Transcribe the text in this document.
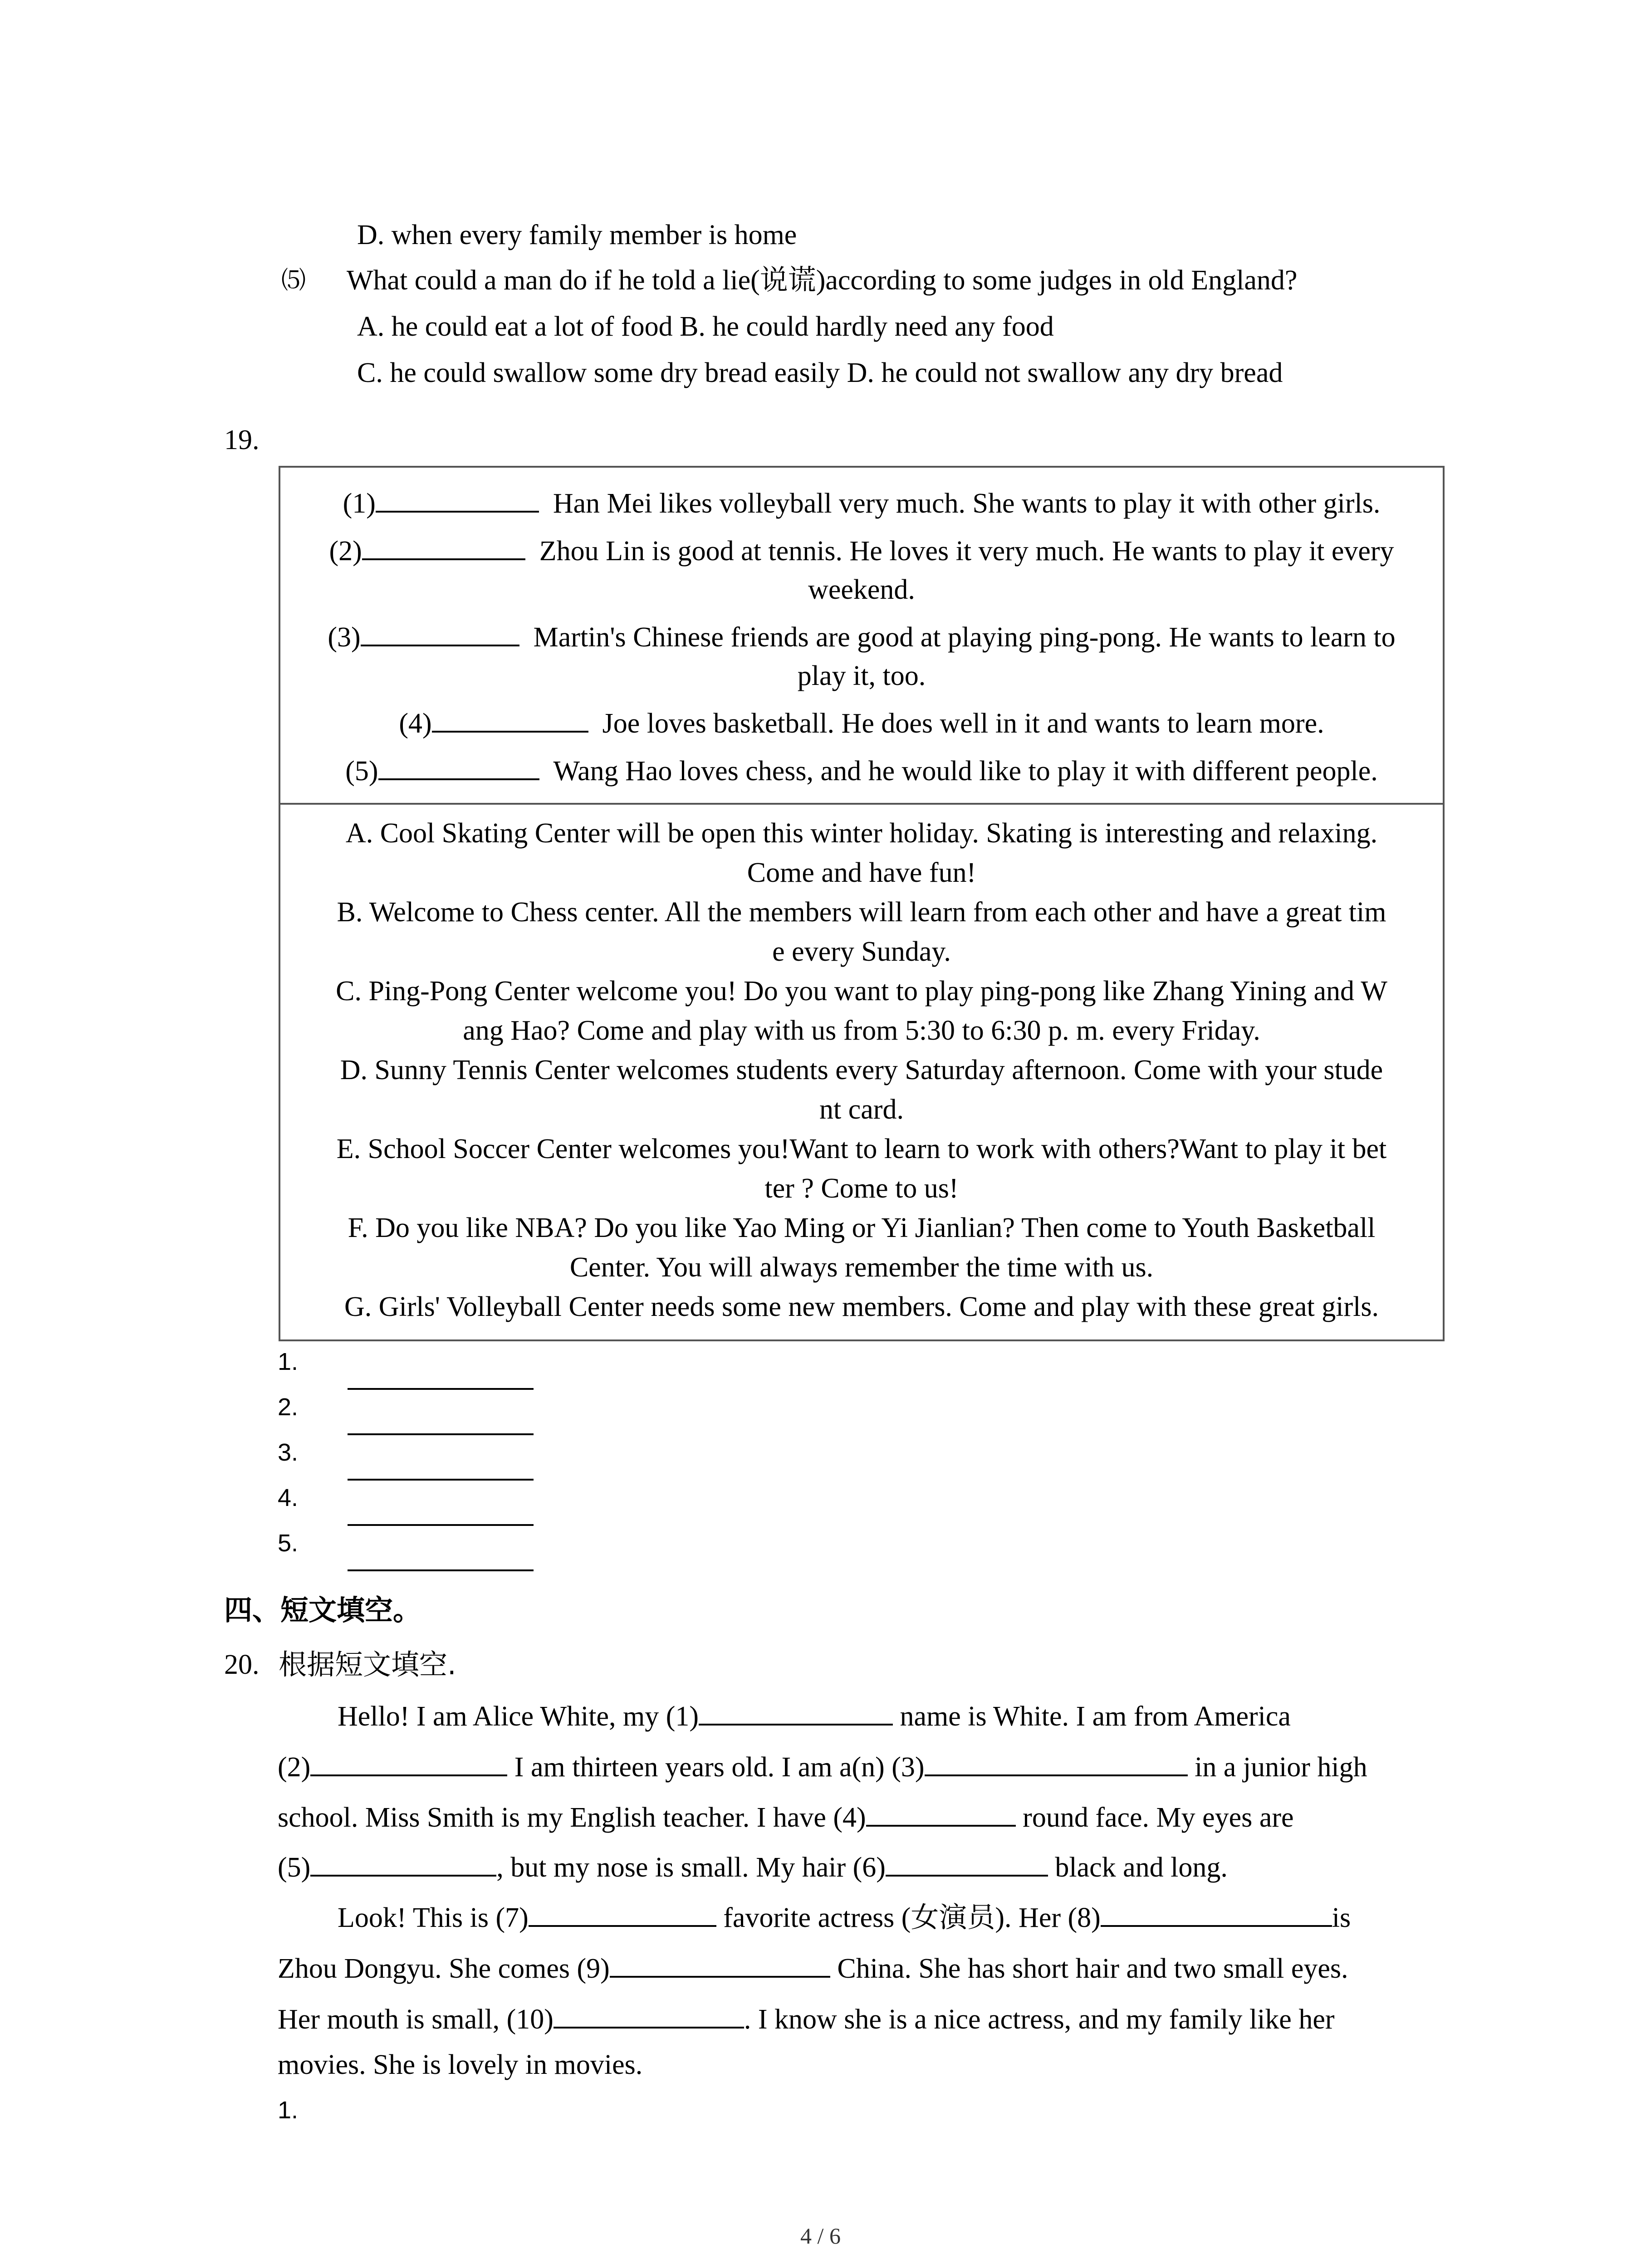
D. when every family member is home
⑸ What could a man do if he told a lie(说谎)according to some judges in old England?
A. he could eat a lot of food B. he could hardly need any food
C. he could swallow some dry bread easily D. he could not swallow any dry bread
19.
(1)	Han Mei likes volleyball very much. She wants to play it with other girls.
(2)	Zhou Lin is good at tennis. He loves it very much. He wants to play it every
weekend.
(3)	Martin's Chinese friends are good at playing ping-pong. He wants to learn to
play it, too.
(4)	Joe loves basketball. He does well in it and wants to learn more.
(5)	Wang Hao loves chess, and he would like to play it with different people.
A. Cool Skating Center will be open this winter holiday. Skating is interesting and relaxing.
Come and have fun!
B. Welcome to Chess center. All the members will learn from each other and have a great tim
e every Sunday.
C. Ping-Pong Center welcome you! Do you want to play ping-pong like Zhang Yining and W
ang Hao? Come and play with us from 5:30 to 6:30 p. m. every Friday.
D. Sunny Tennis Center welcomes students every Saturday afternoon. Come with your stude
nt card.
E. School Soccer Center welcomes you!Want to learn to work with others?Want to play it bet
ter ? Come to us!
F. Do you like NBA? Do you like Yao Ming or Yi Jianlian? Then come to Youth Basketball
Center. You will always remember the time with us.
G. Girls' Volleyball Center needs some new members. Come and play with these great girls.
1.
2.
3.
4.
5.
四、短文填空。
20. 根据短文填空.
Hello! I am Alice White, my (1)	name is White. I am from America
(2)	I am thirteen years old. I am a(n) (3)	in a junior high
school. Miss Smith is my English teacher. I have (4)	round face. My eyes are
(5)	, but my nose is small. My hair (6)	black and long.
Look! This is (7)	favorite actress (女演员). Her (8)	is
Zhou Dongyu. She comes (9)	China. She has short hair and two small eyes.
Her mouth is small, (10)	. I know she is a nice actress, and my family like her
movies. She is lovely in movies.
1.
4 / 6
